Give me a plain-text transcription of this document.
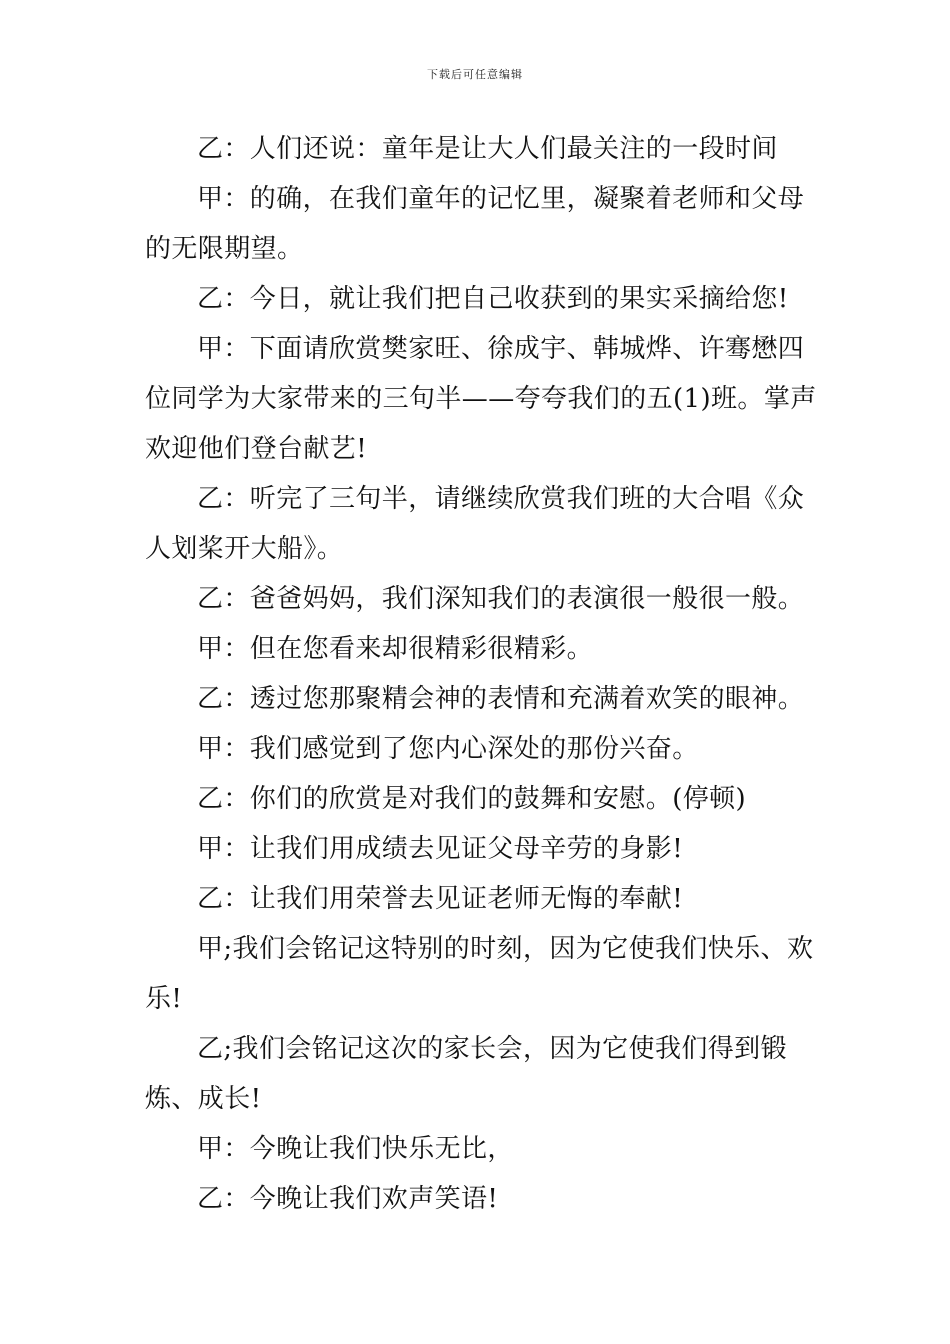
下载后可任意编辑

乙：人们还说：童年是让大人们最关注的一段时间

甲：的确，在我们童年的记忆里，凝聚着老师和父母的无限期望。

乙：今日，就让我们把自己收获到的果实采摘给您!

甲：下面请欣赏樊家旺、徐成宇、韩城烨、许骞懋四位同学为大家带来的三句半——夸夸我们的五(1)班。掌声欢迎他们登台献艺!

乙：听完了三句半，请继续欣赏我们班的大合唱《众人划桨开大船》。

乙：爸爸妈妈，我们深知我们的表演很一般很一般。

甲：但在您看来却很精彩很精彩。

乙：透过您那聚精会神的表情和充满着欢笑的眼神。

甲：我们感觉到了您内心深处的那份兴奋。

乙：你们的欣赏是对我们的鼓舞和安慰。(停顿)

甲：让我们用成绩去见证父母辛劳的身影!

乙：让我们用荣誉去见证老师无悔的奉献!

甲;我们会铭记这特别的时刻，因为它使我们快乐、欢乐!

乙;我们会铭记这次的家长会，因为它使我们得到锻炼、成长!

甲：今晚让我们快乐无比，

乙：今晚让我们欢声笑语!
